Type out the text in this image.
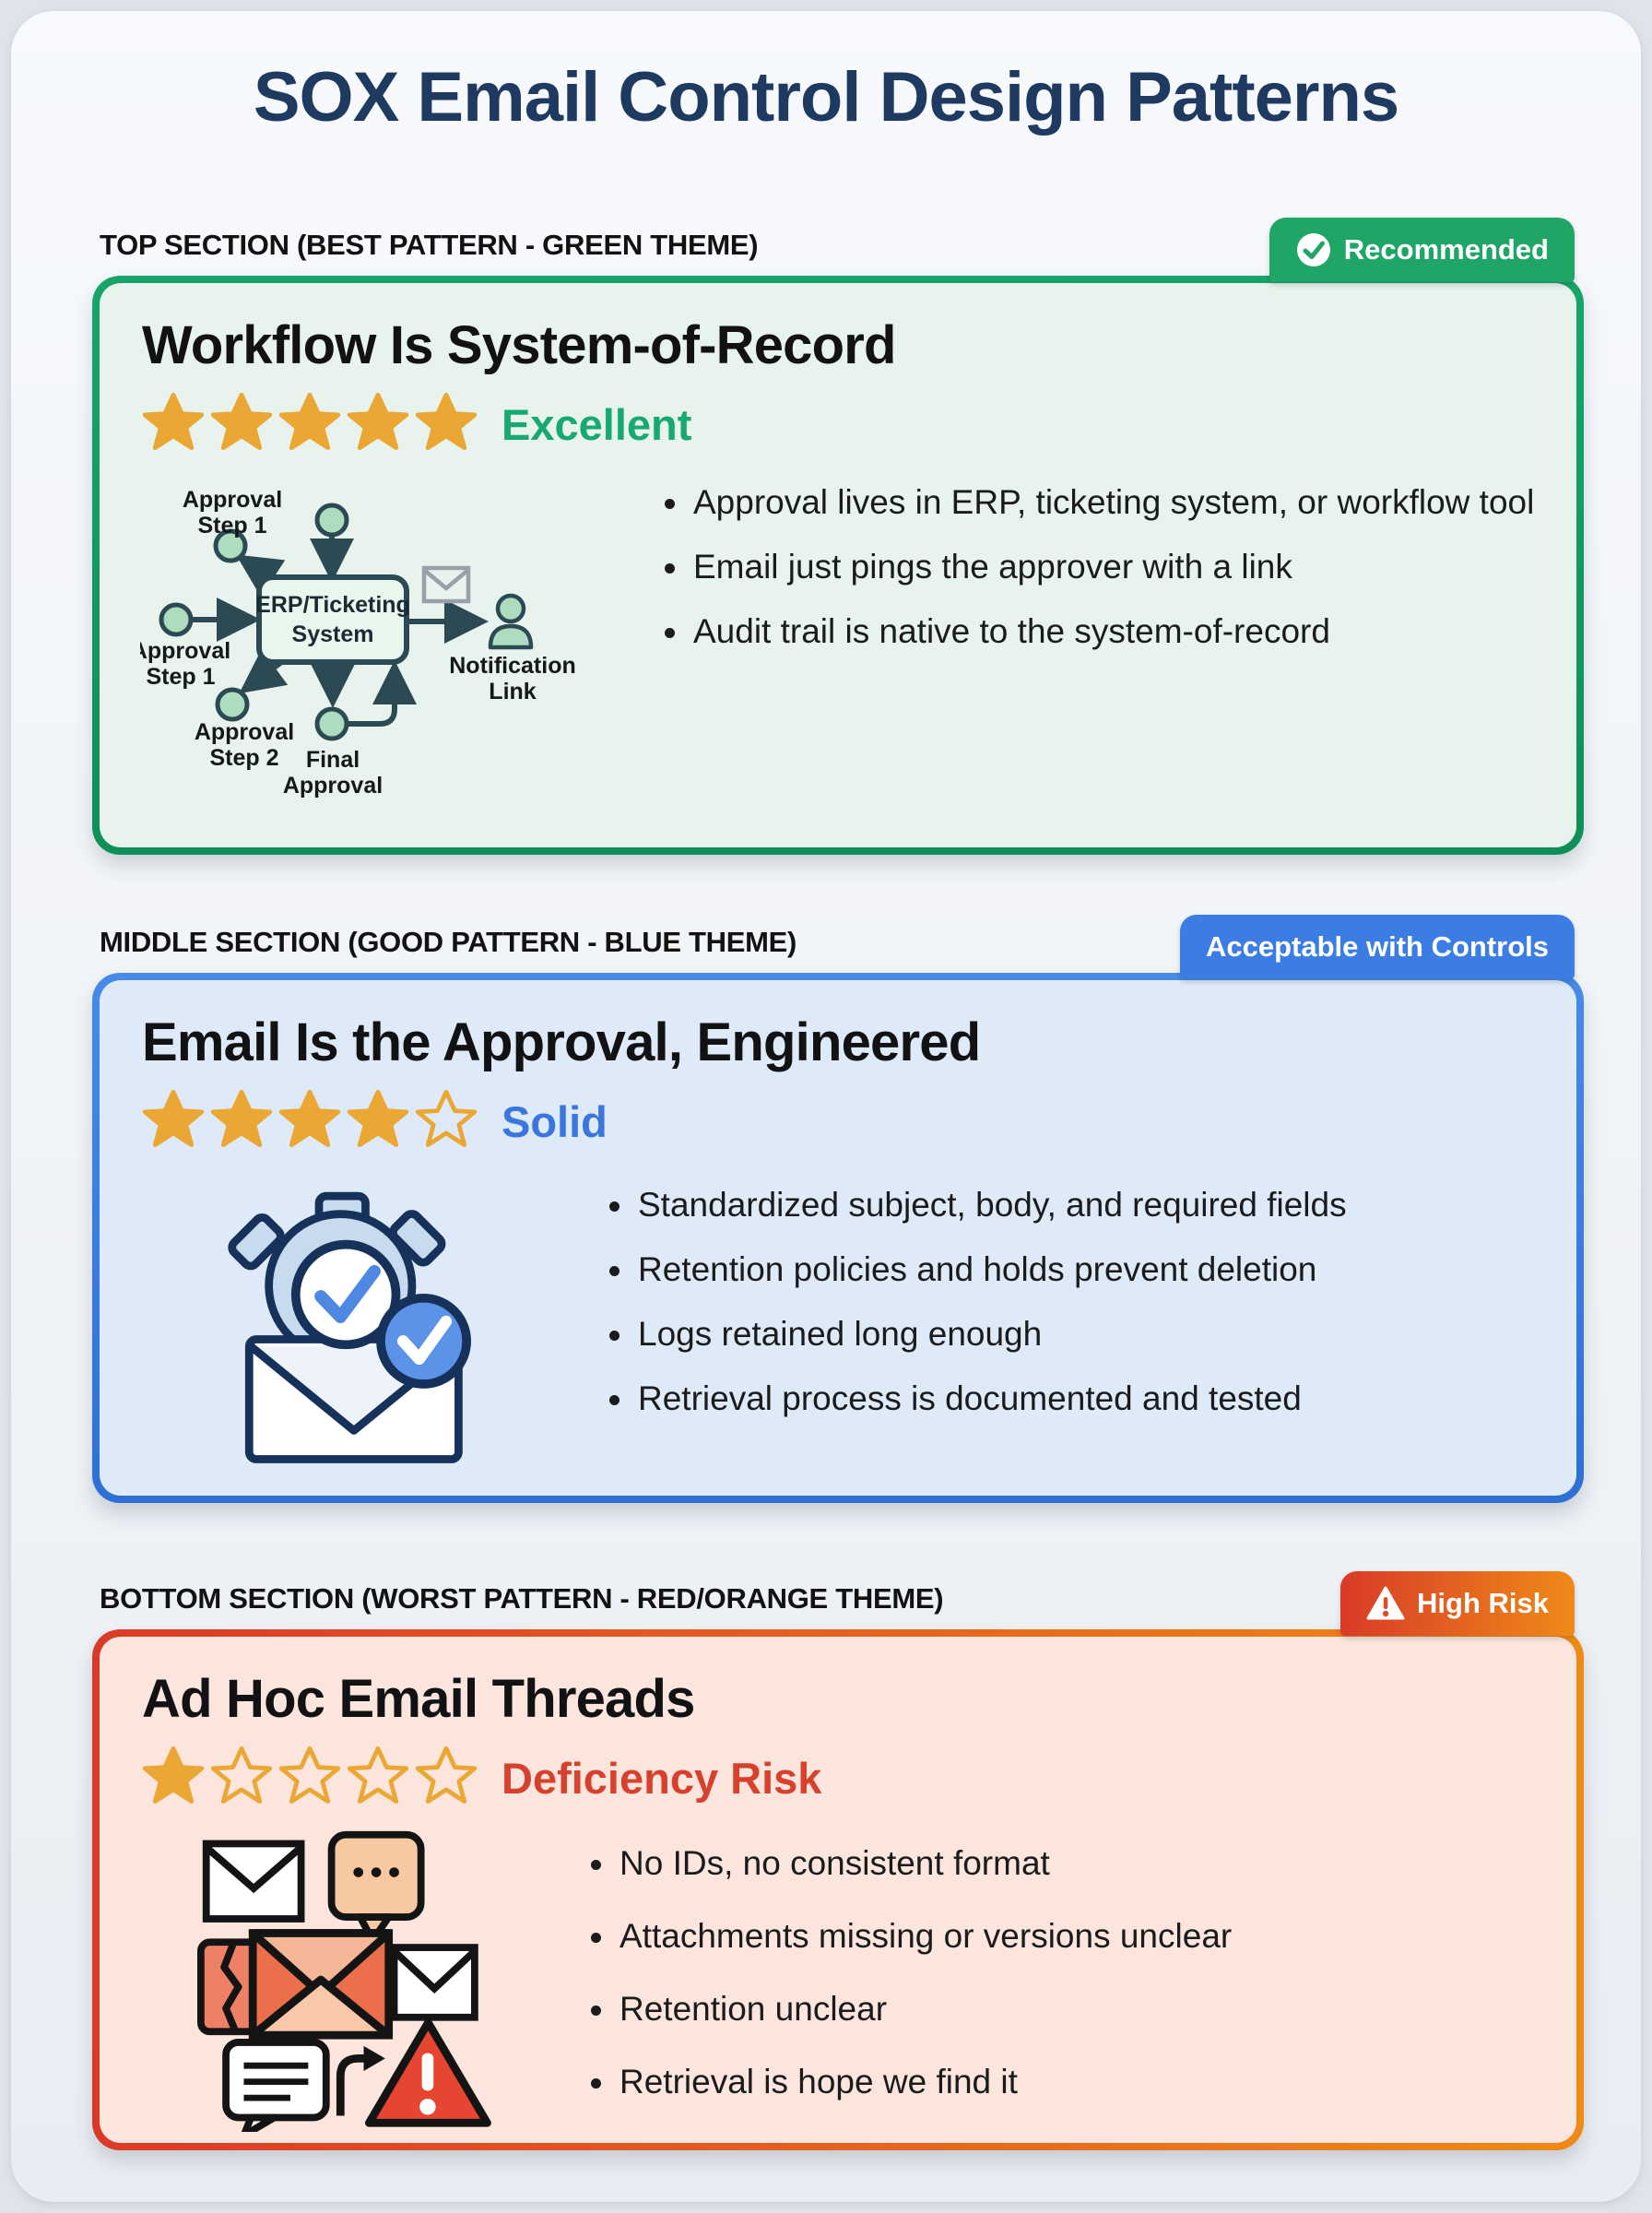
SOX Email Control Design Patterns
TOP SECTION (BEST PATTERN - GREEN THEME)	Recommended
Workflow Is System-of-Record
Excellent
ERP/Ticketing
System
Approval
Step 1
Approval
Step 1
Approval
Step 2 Final
Approval
Notification
Link
Approval lives in ERP, ticketing system, or workflow tool
Email just pings the approver with a link
Audit trail is native to the system-of-record
MIDDLE SECTION (GOOD PATTERN - BLUE THEME)	Acceptable with Controls
Email Is the Approval, Engineered
Solid
Standardized subject, body, and required fields
Retention policies and holds prevent deletion
Logs retained long enough
Retrieval process is documented and tested
BOTTOM SECTION (WORST PATTERN - RED/ORANGE THEME)	High Risk
Ad Hoc Email Threads
Deficiency Risk
No IDs, no consistent format
Attachments missing or versions unclear
Retention unclear
Retrieval is hope we find it
